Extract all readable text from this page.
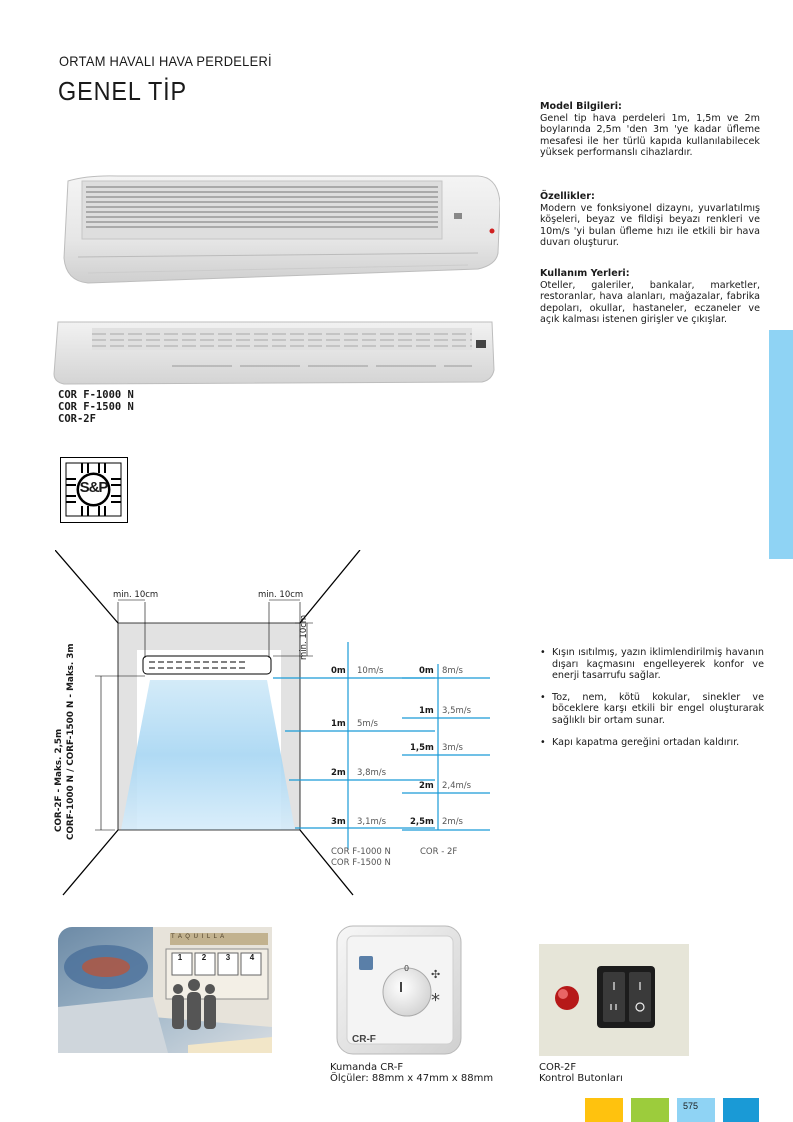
ORTAM HAVALI HAVA PERDELERİ
GENEL TİP
COR F-1000 N
COR F-1500 N
COR-2F
S&P
Model Bilgileri:
Genel tip hava perdeleri 1m, 1,5m ve 2m boylarında 2,5m 'den 3m 'ye kadar üfleme mesafesi ile her türlü kapıda kullanılabilecek yüksek performanslı cihazlardır.
Özellikler:
Modern ve fonksiyonel dizaynı, yuvarlatılmış köşeleri, beyaz ve fildişi beyazı renkleri ve 10m/s 'yi bulan üfleme hızı ile etkili bir hava duvarı oluşturur.
Kullanım Yerleri:
Oteller, galeriler, bankalar, marketler, restoranlar, hava alanları, mağazalar, fabrika depoları, okullar, hastaneler, eczaneler ve açık kalması istenen girişler ve çıkışlar.
min. 10cm	min. 10cm
min. 10cm
COR-2F - Maks. 2,5m CORF-1000 N / CORF-1500 N - Maks. 3m	0m 10m/s
1m 5m/s
2m 3,8m/s
3m 3,1m/s
COR F-1000 N
COR F-1500 N
0m 8m/s
1m 3,5m/s
1,5m 3m/s
2m 2,4m/s
2,5m 2m/s
COR - 2F
• Kışın ısıtılmış, yazın iklimlendirilmiş havanın dışarı kaçmasını engelleyerek konfor ve enerji tasarrufu sağlar.
• Toz, nem, kötü kokular, sinekler ve böceklere karşı etkili bir engel oluşturarak sağlıklı bir ortam sunar.
• Kapı kapatma gereğini ortadan kaldırır.
T A Q U I L L A
1 2 3 4
✣
*
0
CR-F
Kumanda CR-F
Ölçüler: 88mm x 47mm x 88mm
COR-2F
Kontrol Butonları
575
